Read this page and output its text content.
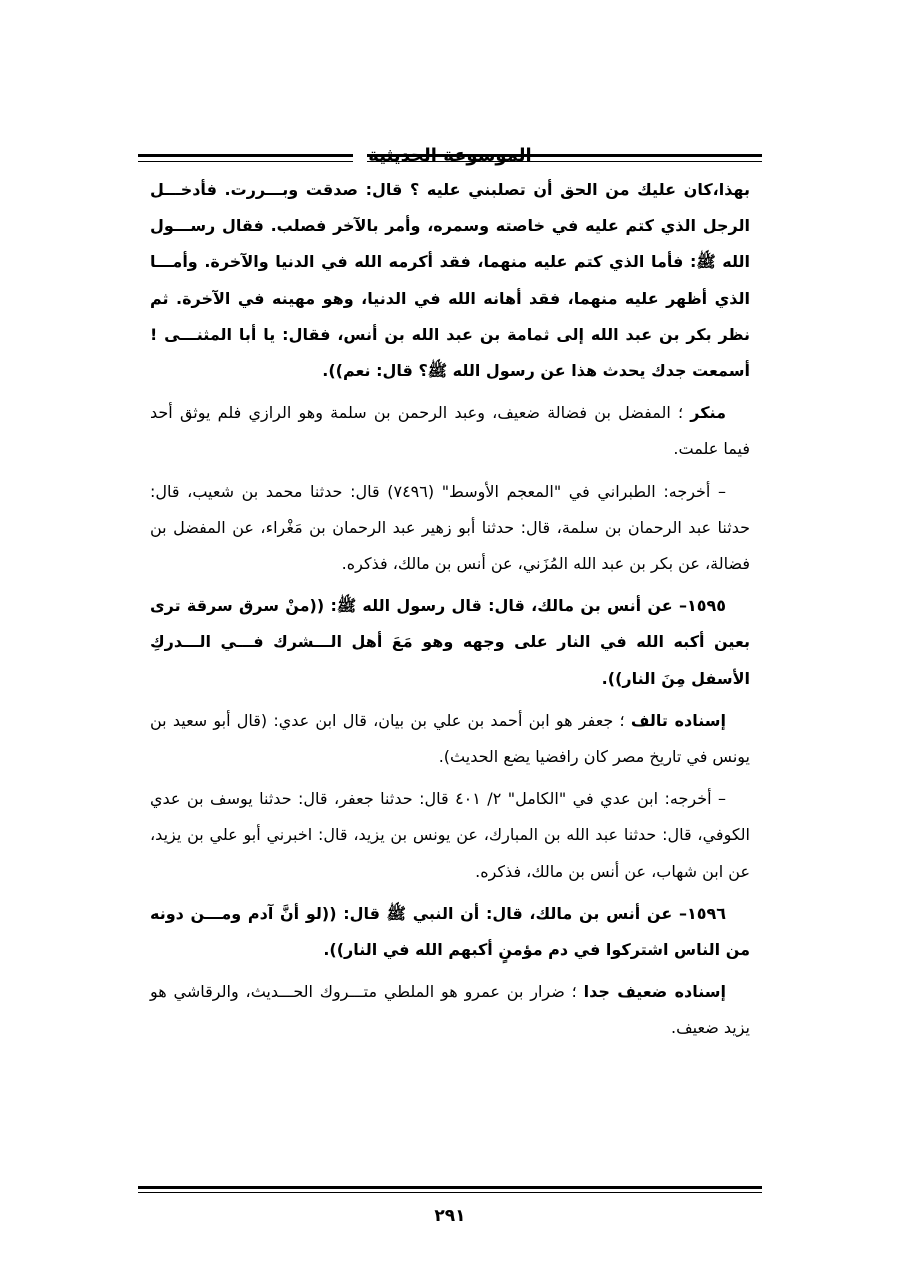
الموسوعة الحديثية

بهذا،كان عليك من الحق أن تصلبني عليه ؟ قال: صدقت وبـــررت. فأدخـــل الرجل الذي كتم عليه في خاصته وسمره، وأمر بالآخر فصلب. فقال رســـول الله ﷺ: فأما الذي كتم عليه منهما، فقد أكرمه الله في الدنيا والآخرة. وأمـــا الذي أظهر عليه منهما، فقد أهانه الله في الدنيا، وهو مهينه في الآخرة. ثم نظر بكر بن عبد الله إلى ثمامة بن عبد الله بن أنس، فقال: يا أبا المثنـــى ! أسمعت جدك يحدث هذا عن رسول الله ﷺ؟ قال: نعم)).

منكر ؛ المفضل بن فضالة ضعيف، وعبد الرحمن بن سلمة وهو الرازي فلم يوثق أحد فيما علمت.

– أخرجه: الطبراني في "المعجم الأوسط" (٧٤٩٦) قال: حدثنا محمد بن شعيب، قال: حدثنا عبد الرحمان بن سلمة، قال: حدثنا أبو زهير عبد الرحمان بن مَغْراء، عن المفضل بن فضالة، عن بكر بن عبد الله المُزَني، عن أنس بن مالك، فذكره.

١٥٩٥– عن أنس بن مالك، قال: قال رسول الله ﷺ: ((منْ سرق سرقة ترى بعين أكبه الله في النار على وجهه وهو مَعَ أهل الـــشرك فـــي الـــدركِ الأسفل مِنَ النار)).

إسناده تالف ؛ جعفر هو ابن أحمد بن علي بن بيان، قال ابن عدي: (قال أبو سعيد بن يونس في تاريخ مصر كان رافضيا يضع الحديث).

– أخرجه: ابن عدي في "الكامل" ٢/ ٤٠١ قال: حدثنا جعفر، قال: حدثنا يوسف بن عدي الكوفي، قال: حدثنا عبد الله بن المبارك، عن يونس بن يزيد، قال: اخبرني أبو علي بن يزيد، عن ابن شهاب، عن أنس بن مالك، فذكره.

١٥٩٦– عن أنس بن مالك، قال: أن النبي ﷺ قال: ((لو أنَّ آدم ومـــن دونه من الناس اشتركوا في دم مؤمنٍ أكبهم الله في النار)).

إسناده ضعيف جدا ؛ ضرار بن عمرو هو الملطي متـــروك الحـــديث، والرقاشي هو يزيد ضعيف.

٢٩١
